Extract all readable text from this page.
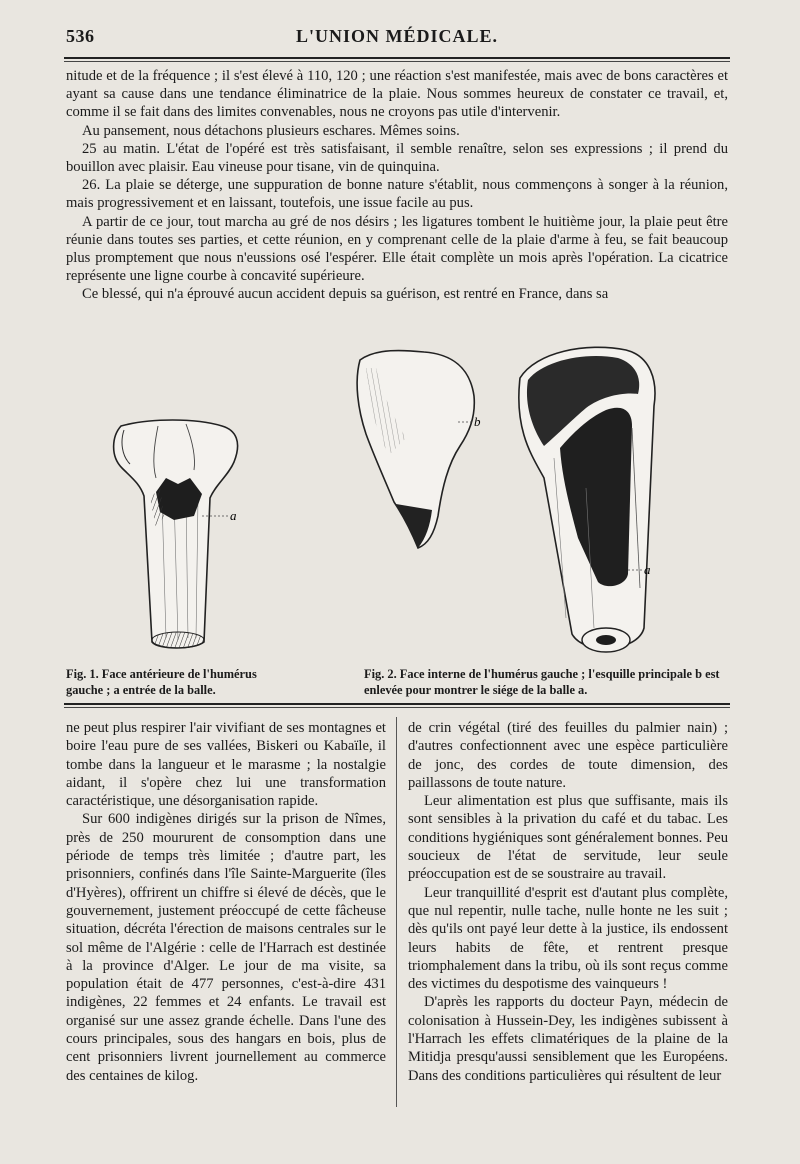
536	L'UNION MÉDICALE.

nitude et de la fréquence ; il s'est élevé à 110, 120 ; une réaction s'est manifestée, mais avec de bons caractères et ayant sa cause dans une tendance éliminatrice de la plaie. Nous sommes heureux de constater ce travail, et, comme il se fait dans des limites convenables, nous ne croyons pas utile d'intervenir.

Au pansement, nous détachons plusieurs eschares. Mêmes soins.

25 au matin. L'état de l'opéré est très satisfaisant, il semble renaître, selon ses expressions ; il prend du bouillon avec plaisir. Eau vineuse pour tisane, vin de quinquina.

26. La plaie se déterge, une suppuration de bonne nature s'établit, nous commençons à songer à la réunion, mais progressivement et en laissant, toutefois, une issue facile au pus.

A partir de ce jour, tout marcha au gré de nos désirs ; les ligatures tombent le huitième jour, la plaie peut être réunie dans toutes ses parties, et cette réunion, en y comprenant celle de la plaie d'arme à feu, se fait beaucoup plus promptement que nous n'eussions osé l'espérer. Elle était complète un mois après l'opération. La cicatrice représente une ligne courbe à concavité supérieure.

Ce blessé, qui n'a éprouvé aucun accident depuis sa guérison, est rentré en France, dans sa

a
b
a
Fig. 1. Face antérieure de l'humérus gauche ; a entrée de la balle.
Fig. 2. Face interne de l'humérus gauche ; l'esquille principale b est enlevée pour montrer le siége de la balle a.

ne peut plus respirer l'air vivifiant de ses montagnes et boire l'eau pure de ses vallées, Biskeri ou Kabaïle, il tombe dans la langueur et le marasme ; la nostalgie aidant, il s'opère chez lui une transformation caractéristique, une désorganisation rapide.

Sur 600 indigènes dirigés sur la prison de Nîmes, près de 250 moururent de consomption dans une période de temps très limitée ; d'autre part, les prisonniers, confinés dans l'île Sainte-Marguerite (îles d'Hyères), offrirent un chiffre si élevé de décès, que le gouvernement, justement préoccupé de cette fâcheuse situation, décréta l'érection de maisons centrales sur le sol même de l'Algérie : celle de l'Harrach est destinée à la province d'Alger. Le jour de ma visite, sa population était de 477 personnes, c'est-à-dire 431 indigènes, 22 femmes et 24 enfants. Le travail est organisé sur une assez grande échelle. Dans l'une des cours principales, sous des hangars en bois, plus de cent prisonniers livrent journellement au commerce des centaines de kilog.

de crin végétal (tiré des feuilles du palmier nain) ; d'autres confectionnent avec une espèce particulière de jonc, des cordes de toute dimension, des paillassons de toute nature.

Leur alimentation est plus que suffisante, mais ils sont sensibles à la privation du café et du tabac. Les conditions hygiéniques sont généralement bonnes. Peu soucieux de l'état de servitude, leur seule préoccupation est de se soustraire au travail.

Leur tranquillité d'esprit est d'autant plus complète, que nul repentir, nulle tache, nulle honte ne les suit ; dès qu'ils ont payé leur dette à la justice, ils endossent leurs habits de fête, et rentrent presque triomphalement dans la tribu, où ils sont reçus comme des victimes du despotisme des vainqueurs !

D'après les rapports du docteur Payn, médecin de colonisation à Hussein-Dey, les indigènes subissent à l'Harrach les effets climatériques de la plaine de la Mitidja presqu'aussi sensiblement que les Européens. Dans des conditions particulières qui résultent de leur
